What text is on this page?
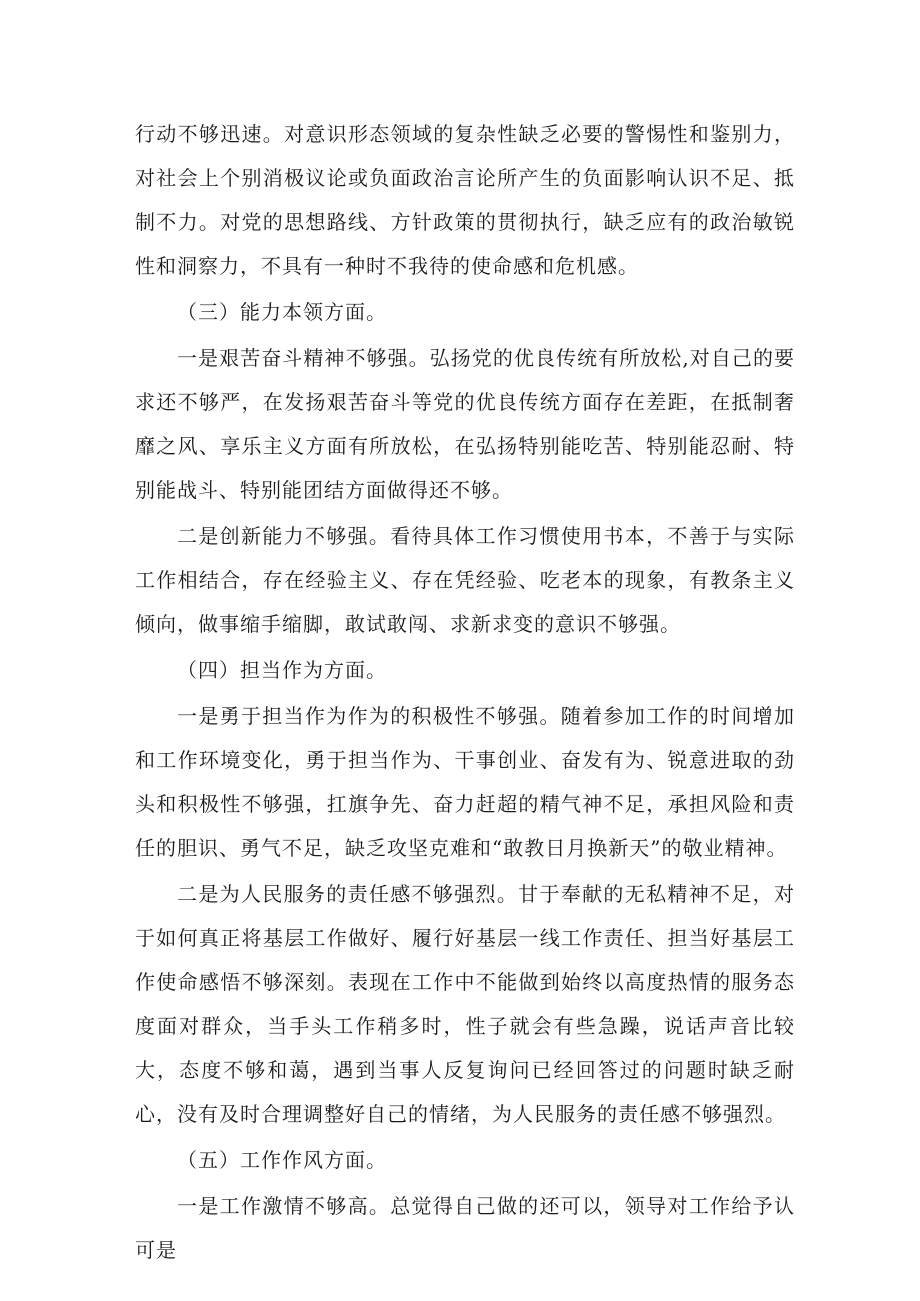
行动不够迅速。对意识形态领域的复杂性缺乏必要的警惕性和鉴别力，对社会上个别消极议论或负面政治言论所产生的负面影响认识不足、抵制不力。对党的思想路线、方针政策的贯彻执行，缺乏应有的政治敏锐性和洞察力，不具有一种时不我待的使命感和危机感。

（三）能力本领方面。

一是艰苦奋斗精神不够强。弘扬党的优良传统有所放松,对自己的要求还不够严，在发扬艰苦奋斗等党的优良传统方面存在差距，在抵制奢靡之风、享乐主义方面有所放松，在弘扬特别能吃苦、特别能忍耐、特别能战斗、特别能团结方面做得还不够。

二是创新能力不够强。看待具体工作习惯使用书本，不善于与实际工作相结合，存在经验主义、存在凭经验、吃老本的现象，有教条主义倾向，做事缩手缩脚，敢试敢闯、求新求变的意识不够强。

（四）担当作为方面。

一是勇于担当作为作为的积极性不够强。随着参加工作的时间增加和工作环境变化，勇于担当作为、干事创业、奋发有为、锐意进取的劲头和积极性不够强，扛旗争先、奋力赶超的精气神不足，承担风险和责任的胆识、勇气不足，缺乏攻坚克难和“敢教日月换新天”的敬业精神。

二是为人民服务的责任感不够强烈。甘于奉献的无私精神不足，对于如何真正将基层工作做好、履行好基层一线工作责任、担当好基层工作使命感悟不够深刻。表现在工作中不能做到始终以高度热情的服务态度面对群众，当手头工作稍多时，性子就会有些急躁，说话声音比较大，态度不够和蔼，遇到当事人反复询问已经回答过的问题时缺乏耐心，没有及时合理调整好自己的情绪，为人民服务的责任感不够强烈。

（五）工作作风方面。

一是工作激情不够高。总觉得自己做的还可以，领导对工作给予认可是
